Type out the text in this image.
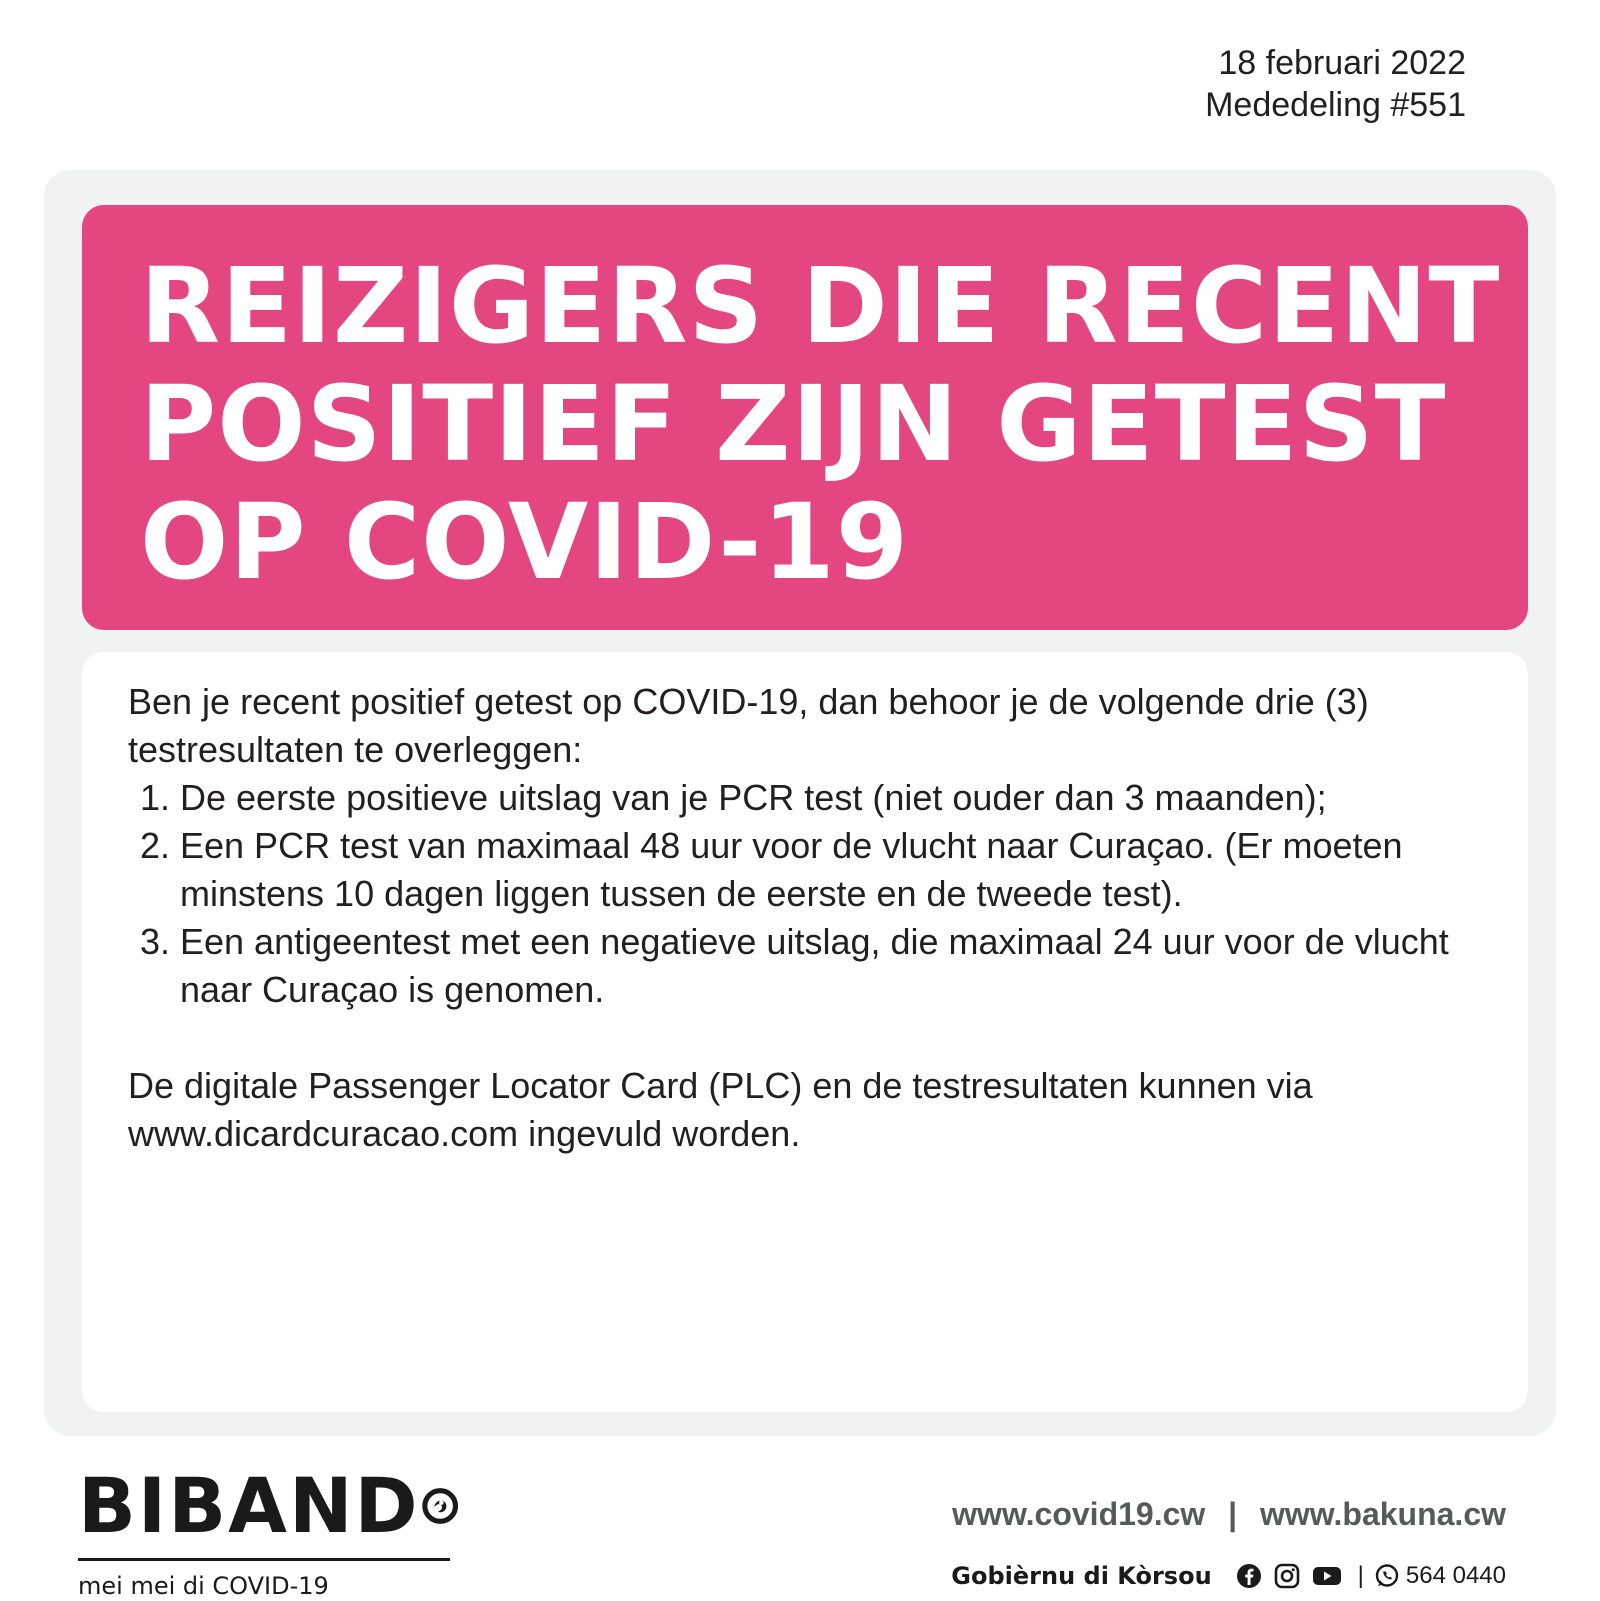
18 februari 2022
Mededeling #551
REIZIGERS DIE RECENT
POSITIEF ZIJN GETEST
OP COVID-19

Ben je recent positief getest op COVID-19, dan behoor je de volgende drie (3) testresultaten te overleggen:

1. De eerste positieve uitslag van je PCR test (niet ouder dan 3 maanden);
2. Een PCR test van maximaal 48 uur voor de vlucht naar Curaçao. (Er moeten minstens 10 dagen liggen tussen de eerste en de tweede test).
3. Een antigeentest met een negatieve uitslag, die maximaal 24 uur voor de vlucht naar Curaçao is genomen.

De digitale Passenger Locator Card (PLC) en de testresultaten kunnen via www.dicardcuracao.com ingevuld worden.

BIBAND
mei mei di COVID-19
www.covid19.cw | www.bakuna.cw
Gobièrnu di Kòrsou	| 564 0440
